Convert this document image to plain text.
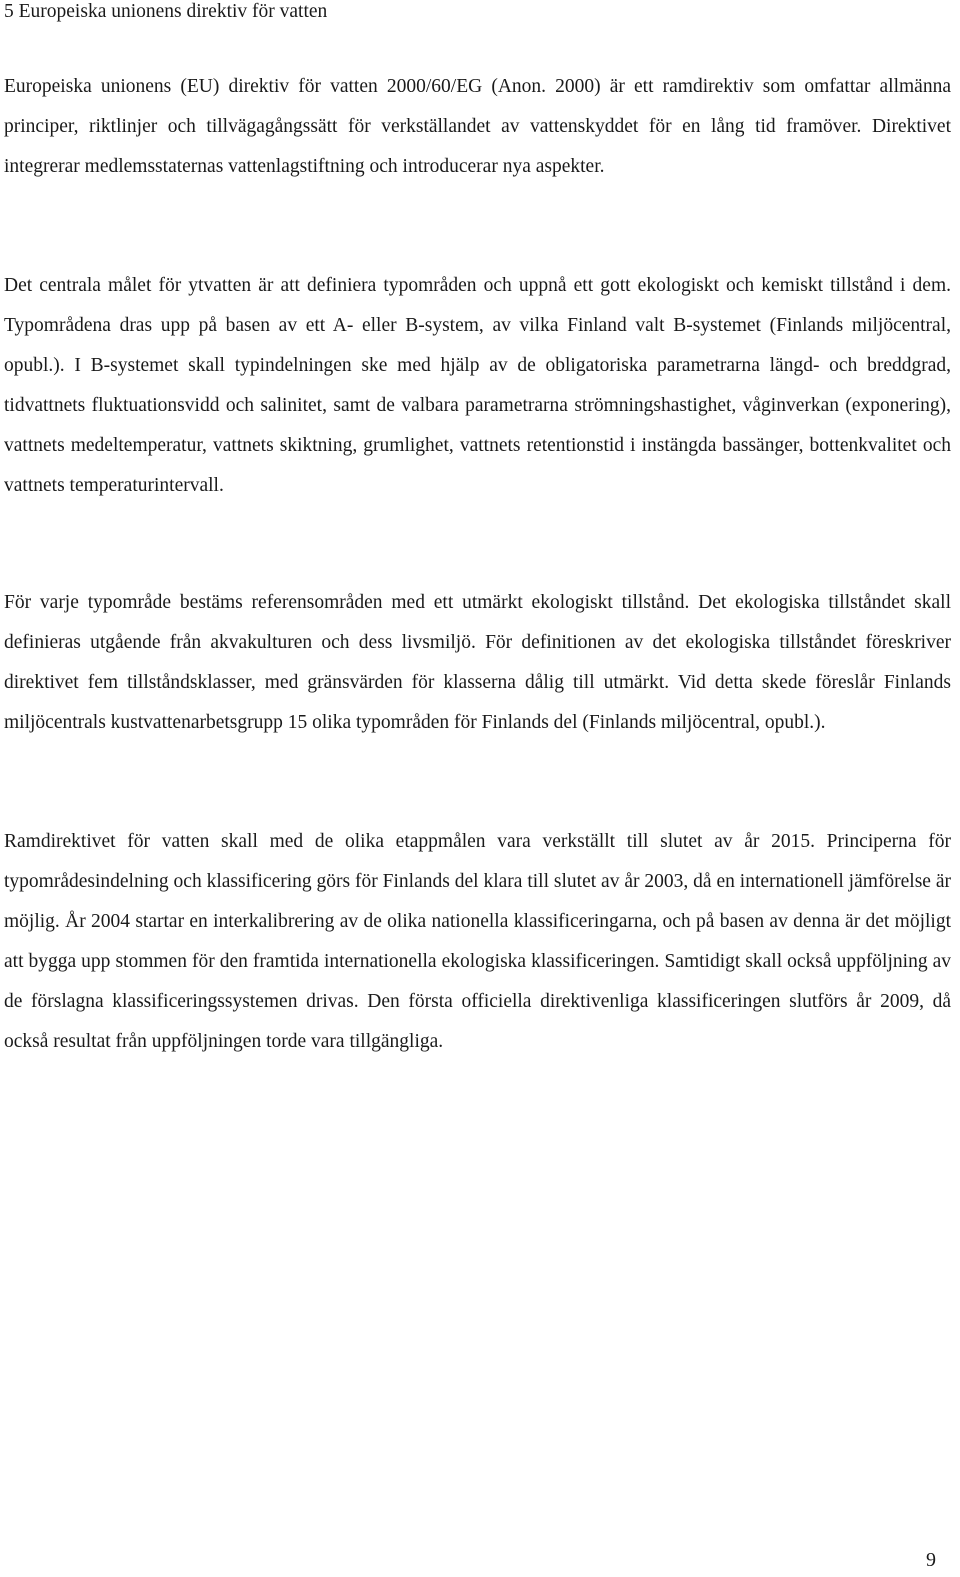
5 Europeiska unionens direktiv för vatten

Europeiska unionens (EU) direktiv för vatten 2000/60/EG (Anon. 2000) är ett ramdirektiv som omfattar allmänna principer, riktlinjer och tillvägagångssätt för verkställandet av vattenskyddet för en lång tid framöver. Direktivet integrerar medlemsstaternas vattenlagstiftning och introducerar nya aspekter.

Det centrala målet för ytvatten är att definiera typområden och uppnå ett gott ekologiskt och kemiskt tillstånd i dem. Typområdena dras upp på basen av ett A- eller B-system, av vilka Finland valt B-systemet (Finlands miljöcentral, opubl.). I B-systemet skall typindelningen ske med hjälp av de obligatoriska parametrarna längd- och breddgrad, tidvattnets fluktuationsvidd och salinitet, samt de valbara parametrarna strömningshastighet, våginverkan (exponering), vattnets medeltemperatur, vattnets skiktning, grumlighet, vattnets retentionstid i instängda bassänger, bottenkvalitet och vattnets temperaturintervall.

För varje typområde bestäms referensområden med ett utmärkt ekologiskt tillstånd. Det ekologiska tillståndet skall definieras utgående från akvakulturen och dess livsmiljö. För definitionen av det ekologiska tillståndet föreskriver direktivet fem tillståndsklasser, med gränsvärden för klasserna dålig till utmärkt. Vid detta skede föreslår Finlands miljöcentrals kustvattenarbetsgrupp 15 olika typområden för Finlands del (Finlands miljöcentral, opubl.).

Ramdirektivet för vatten skall med de olika etappmålen vara verkställt till slutet av år 2015. Principerna för typområdesindelning och klassificering görs för Finlands del klara till slutet av år 2003, då en internationell jämförelse är möjlig. År 2004 startar en interkalibrering av de olika nationella klassificeringarna, och på basen av denna är det möjligt att bygga upp stommen för den framtida internationella ekologiska klassificeringen. Samtidigt skall också uppföljning av de förslagna klassificeringssystemen drivas. Den första officiella direktivenliga klassificeringen slutförs år 2009, då också resultat från uppföljningen torde vara tillgängliga.

9
